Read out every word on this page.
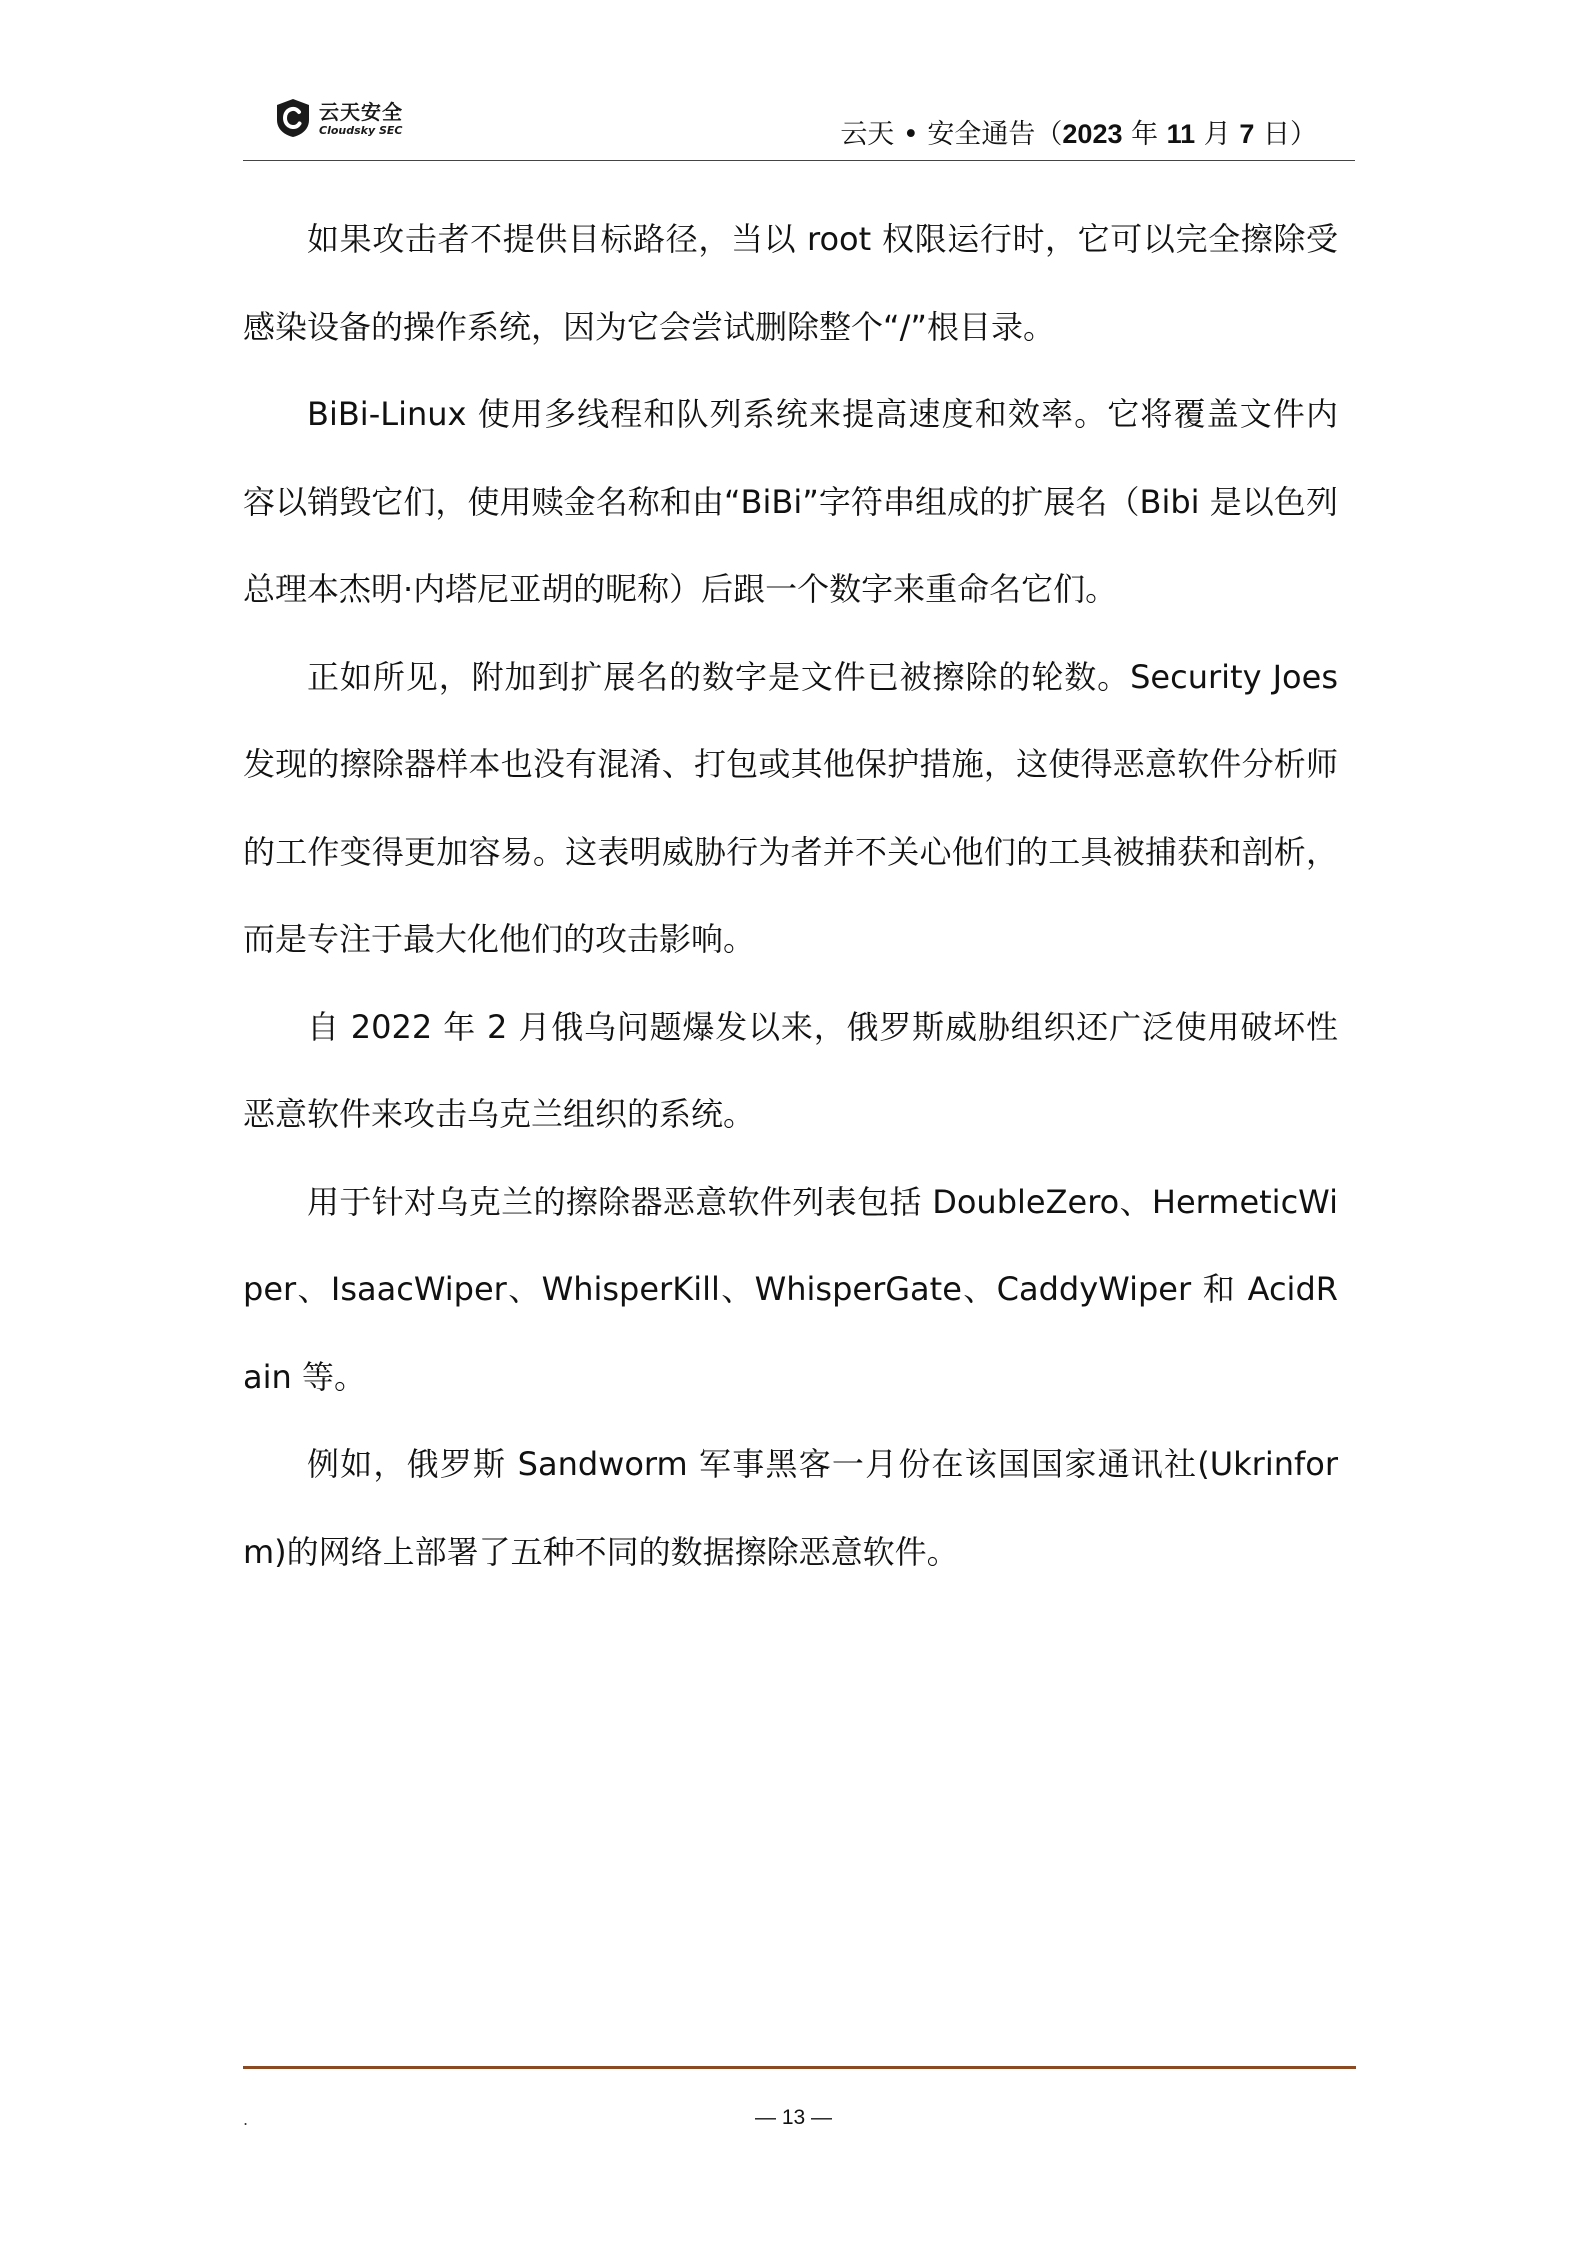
云天安全
Cloudsky SEC	云天 • 安全通告（2023 年 11 月 7 日）

如果攻击者不提供目标路径，当以 root 权限运行时，它可以完全擦除受感染设备的操作系统，因为它会尝试删除整个“/”根目录。

BiBi-Linux 使用多线程和队列系统来提高速度和效率。它将覆盖文件内容以销毁它们，使用赎金名称和由“BiBi”字符串组成的扩展名（Bibi 是以色列总理本杰明·内塔尼亚胡的昵称）后跟一个数字来重命名它们。

正如所见，附加到扩展名的数字是文件已被擦除的轮数。Security Joes 发现的擦除器样本也没有混淆、打包或其他保护措施，这使得恶意软件分析师的工作变得更加容易。这表明威胁行为者并不关心他们的工具被捕获和剖析，而是专注于最大化他们的攻击影响。

自 2022 年 2 月俄乌问题爆发以来，俄罗斯威胁组织还广泛使用破坏性恶意软件来攻击乌克兰组织的系统。

用于针对乌克兰的擦除器恶意软件列表包括 DoubleZero、HermeticWiper、IsaacWiper、WhisperKill、WhisperGate、CaddyWiper 和 AcidRain 等。

例如，俄罗斯 Sandworm 军事黑客一月份在该国国家通讯社(Ukrinform)的网络上部署了五种不同的数据擦除恶意软件。

.	— 13 —
